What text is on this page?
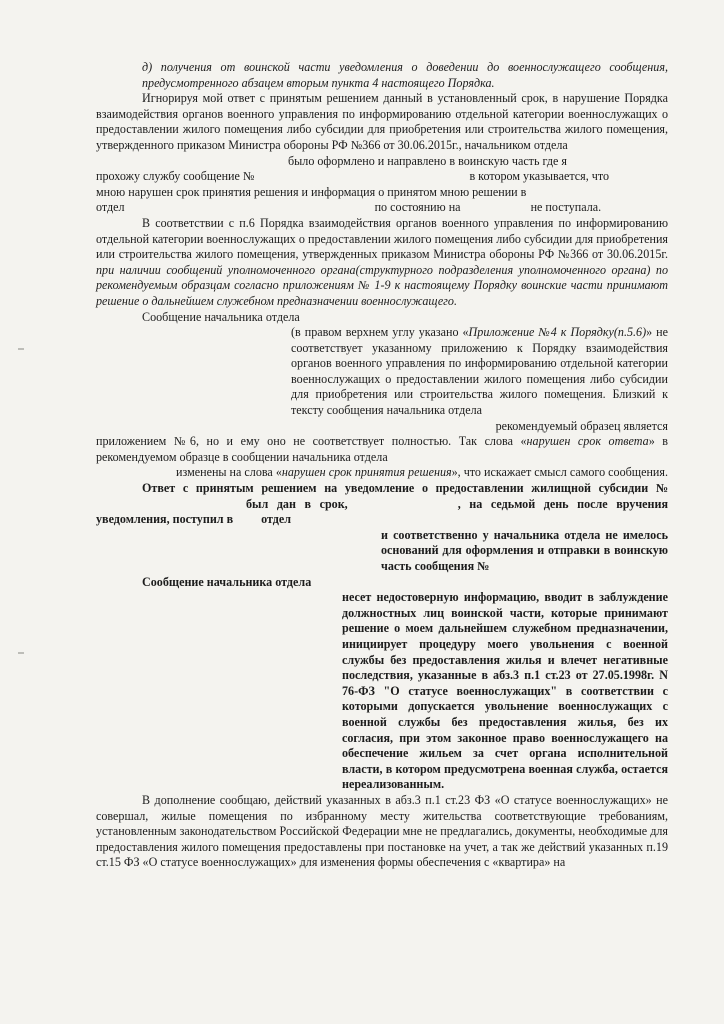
д) получения от воинской части уведомления о доведении до военнослужащего сообщения, предусмотренного абзацем вторым пункта 4 настоящего Порядка.

Игнорируя мой ответ с принятым решением данный в установленный срок, в нарушение Порядка взаимодействия органов военного управления по информированию отдельной категории военнослужащих о предоставлении жилого помещения либо субсидии для приобретения или строительства жилого помещения, утвержденного приказом Министра обороны РФ №366 от 30.06.2015г., начальником отдела

было оформлено и направлено в воинскую часть где я

прохожу службу сообщение №	в котором указывается, что

мною нарушен срок принятия решения и информация о принятом мною решении в

отдел	по состоянию на	не поступала.

В соответствии с п.6 Порядка взаимодействия органов военного управления по информированию отдельной категории военнослужащих о предоставлении жилого помещения либо субсидии для приобретения или строительства жилого помещения, утвержденных приказом Министра обороны РФ №366 от 30.06.2015г. при наличии сообщений уполномоченного органа(структурного подразделения уполномоченного органа) по рекомендуемым образцам согласно приложениям № 1-9 к настоящему Порядку воинские части принимают решение о дальнейшем служебном предназначении военнослужащего.

Сообщение начальника отдела

(в правом верхнем углу указано «Приложение №4 к Порядку(п.5.6)» не соответствует указанному приложению к Порядку взаимодействия органов военного управления по информированию отдельной категории военнослужащих о предоставлении жилого помещения либо субсидии для приобретения или строительства жилого помещения. Близкий к тексту сообщения начальника отдела

рекомендуемый образец является

приложением №6, но и ему оно не соответствует полностью. Так слова «нарушен срок ответа» в рекомендуемом образце в сообщении начальника отдела

изменены на слова «нарушен срок принятия решения», что искажает смысл самого сообщения.

Ответ с принятым решением на уведомление о предоставлении жилищной субсидии №был дан в срок,	, на седьмой день после вручения уведомления, поступил в отдел

и соответственно у начальника отдела не имелось оснований для оформления и отправки в воинскую часть сообщения №

Сообщение начальника отдела

несет недостоверную информацию, вводит в заблуждение должностных лиц воинской части, которые принимают решение о моем дальнейшем служебном предназначении, инициирует процедуру моего увольнения с военной службы без предоставления жилья и влечет негативные последствия, указанные в абз.3 п.1 ст.23 от 27.05.1998г. N 76-ФЗ "О статусе военнослужащих" в соответствии с которыми допускается увольнение военнослужащих с военной службы без предоставления жилья, без их согласия, при этом законное право военнослужащего на обеспечение жильем за счет органа исполнительной власти, в котором предусмотрена военная служба, остается нереализованным.

В дополнение сообщаю, действий указанных в абз.3 п.1 ст.23 ФЗ «О статусе военнослужащих» не совершал, жилые помещения по избранному месту жительства соответствующие требованиям, установленным законодательством Российской Федерации мне не предлагались, документы, необходимые для предоставления жилого помещения предоставлены при постановке на учет, а так же действий указанных п.19 ст.15 ФЗ «О статусе военнослужащих» для изменения формы обеспечения с «квартира» на
